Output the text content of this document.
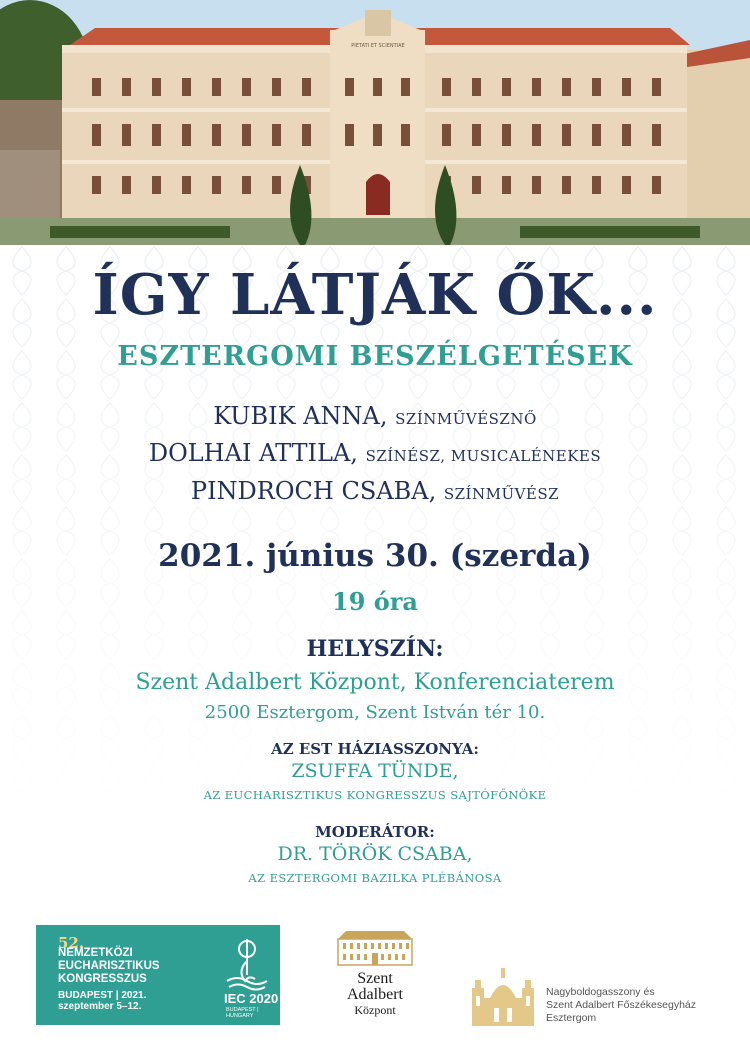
PIETATI ET SCIENTIAE
ÍGY LÁTJÁK ŐK...
ESZTERGOMI BESZÉLGETÉSEK
KUBIK ANNA, SZÍNMŰVÉSZNŐ
DOLHAI ATTILA, SZÍNÉSZ, MUSICALÉNEKES
PINDROCH CSABA, SZÍNMŰVÉSZ
2021. június 30. (szerda)
19 óra
HELYSZÍN:
Szent Adalbert Központ, Konferenciaterem
2500 Esztergom, Szent István tér 10.
AZ EST HÁZIASSZONYA:
ZSUFFA TÜNDE,
AZ EUCHARISZTIKUS KONGRESSZUS SAJTÓFŐNÖKE
MODERÁTOR:
DR. TÖRÖK CSABA,
AZ ESZTERGOMI BAZILKA PLÉBÁNOSA
52.
NEMZETKÖZI
EUCHARISZTIKUS
KONGRESSZUS
BUDAPEST | 2021.
szeptember 5–12.
IEC 2020
BUDAPEST | HUNGARY
Szent
Adalbert
Központ
Nagyboldogasszony és
Szent Adalbert Főszékesegyház
Esztergom
